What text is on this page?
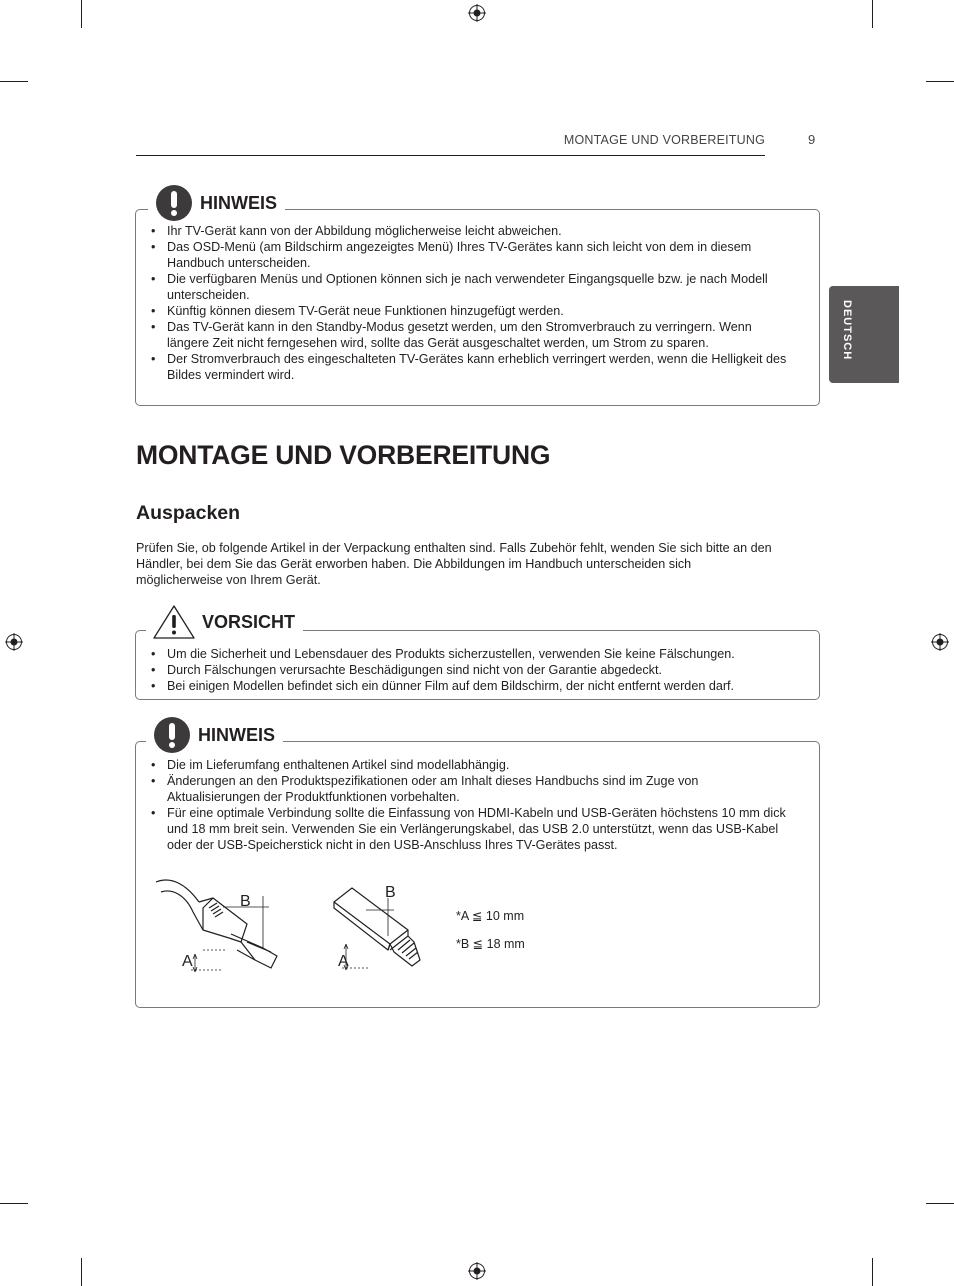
MONTAGE UND VORBEREITUNG	9
DEUTSCH
• Ihr TV-Gerät kann von der Abbildung möglicherweise leicht abweichen.
• Das OSD-Menü (am Bildschirm angezeigtes Menü) Ihres TV-Gerätes kann sich leicht von dem in diesem Handbuch unterscheiden.
• Die verfügbaren Menüs und Optionen können sich je nach verwendeter Eingangsquelle bzw. je nach Modell unterscheiden.
• Künftig können diesem TV-Gerät neue Funktionen hinzugefügt werden.
• Das TV-Gerät kann in den Standby-Modus gesetzt werden, um den Stromverbrauch zu verringern. Wenn längere Zeit nicht ferngesehen wird, sollte das Gerät ausgeschaltet werden, um Strom zu sparen.
• Der Stromverbrauch des eingeschalteten TV-Gerätes kann erheblich verringert werden, wenn die Helligkeit des Bildes vermindert wird.
HINWEIS
MONTAGE UND VORBEREITUNG
Auspacken
Prüfen Sie, ob folgende Artikel in der Verpackung enthalten sind. Falls Zubehör fehlt, wenden Sie sich bitte an den Händler, bei dem Sie das Gerät erworben haben. Die Abbildungen im Handbuch unterscheiden sich möglicherweise von Ihrem Gerät.
• Um die Sicherheit und Lebensdauer des Produkts sicherzustellen, verwenden Sie keine Fälschungen.
• Durch Fälschungen verursachte Beschädigungen sind nicht von der Garantie abgedeckt.
• Bei einigen Modellen befindet sich ein dünner Film auf dem Bildschirm, der nicht entfernt werden darf.
VORSICHT
• Die im Lieferumfang enthaltenen Artikel sind modellabhängig.
• Änderungen an den Produktspezifikationen oder am Inhalt dieses Handbuchs sind im Zuge von Aktualisierungen der Produktfunktionen vorbehalten.
• Für eine optimale Verbindung sollte die Einfassung von HDMI-Kabeln und USB-Geräten höchstens 10 mm dick und 18 mm breit sein. Verwenden Sie ein Verlängerungskabel, das USB 2.0 unterstützt, wenn das USB-Kabel oder der USB-Speicherstick nicht in den USB-Anschluss Ihres TV-Gerätes passt.
B
A
B
A
*A ≦ 10 mm
*B ≦ 18 mm
HINWEIS
